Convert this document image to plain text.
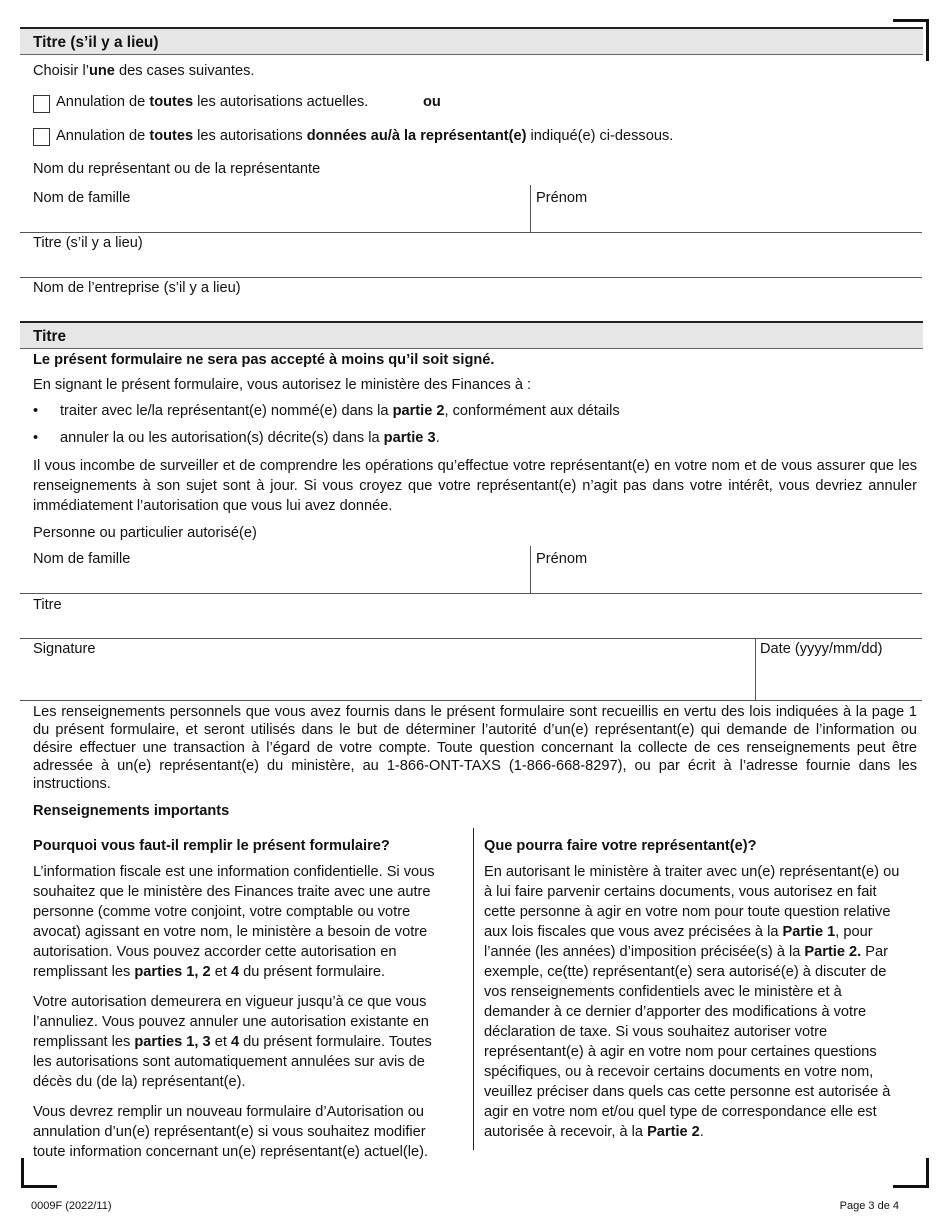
Titre (s’il y a lieu)
Choisir l’une des cases suivantes.
Annulation de toutes les autorisations actuelles.	ou
Annulation de toutes les autorisations données au/à la représentant(e) indiqué(e) ci-dessous.
Nom du représentant ou de la représentante
Nom de famille	Prénom
Titre (s’il y a lieu)
Nom de l’entreprise (s’il y a lieu)
Titre
Le présent formulaire ne sera pas accepté à moins qu’il soit signé.
En signant le présent formulaire, vous autorisez le ministère des Finances à :
• traiter avec le/la représentant(e) nommé(e) dans la partie 2, conformément aux détails
• annuler la ou les autorisation(s) décrite(s) dans la partie 3.
Il vous incombe de surveiller et de comprendre les opérations qu’effectue votre représentant(e) en votre nom et de vous assurer que les renseignements à son sujet sont à jour. Si vous croyez que votre représentant(e) n’agit pas dans votre intérêt, vous devriez annuler immédiatement l’autorisation que vous lui avez donnée.
Personne ou particulier autorisé(e)
Nom de famille	Prénom
Titre
Signature	Date (yyyy/mm/dd)
Les renseignements personnels que vous avez fournis dans le présent formulaire sont recueillis en vertu des lois indiquées à la page 1 du présent formulaire, et seront utilisés dans le but de déterminer l’autorité d’un(e) représentant(e) qui demande de l’information ou désire effectuer une transaction à l’égard de votre compte. Toute question concernant la collecte de ces renseignements peut être adressée à un(e) représentant(e) du ministère, au 1-866-ONT-TAXS (1-866-668-8297), ou par écrit à l’adresse fournie dans les instructions.
Renseignements importants

Pourquoi vous faut-il remplir le présent formulaire?

L’information fiscale est une information confidentielle. Si vous souhaitez que le ministère des Finances traite avec une autre personne (comme votre conjoint, votre comptable ou votre avocat) agissant en votre nom, le ministère a besoin de votre autorisation. Vous pouvez accorder cette autorisation en remplissant les parties 1, 2 et 4 du présent formulaire.

Votre autorisation demeurera en vigueur jusqu’à ce que vous l’annuliez. Vous pouvez annuler une autorisation existante en remplissant les parties 1, 3 et 4 du présent formulaire. Toutes les autorisations sont automatiquement annulées sur avis de décès du (de la) représentant(e).

Vous devrez remplir un nouveau formulaire d’Autorisation ou annulation d’un(e) représentant(e) si vous souhaitez modifier toute information concernant un(e) représentant(e) actuel(le).

Que pourra faire votre représentant(e)?

En autorisant le ministère à traiter avec un(e) représentant(e) ou à lui faire parvenir certains documents, vous autorisez en fait cette personne à agir en votre nom pour toute question relative aux lois fiscales que vous avez précisées à la Partie 1, pour l’année (les années) d’imposition précisée(s) à la Partie 2. Par exemple, ce(tte) représentant(e) sera autorisé(e) à discuter de vos renseignements confidentiels avec le ministère et à demander à ce dernier d’apporter des modifications à votre déclaration de taxe. Si vous souhaitez autoriser votre représentant(e) à agir en votre nom pour certaines questions spécifiques, ou à recevoir certains documents en votre nom, veuillez préciser dans quels cas cette personne est autorisée à agir en votre nom et/ou quel type de correspondance elle est autorisée à recevoir, à la Partie 2.

0009F (2022/11)	Page 3 de 4
